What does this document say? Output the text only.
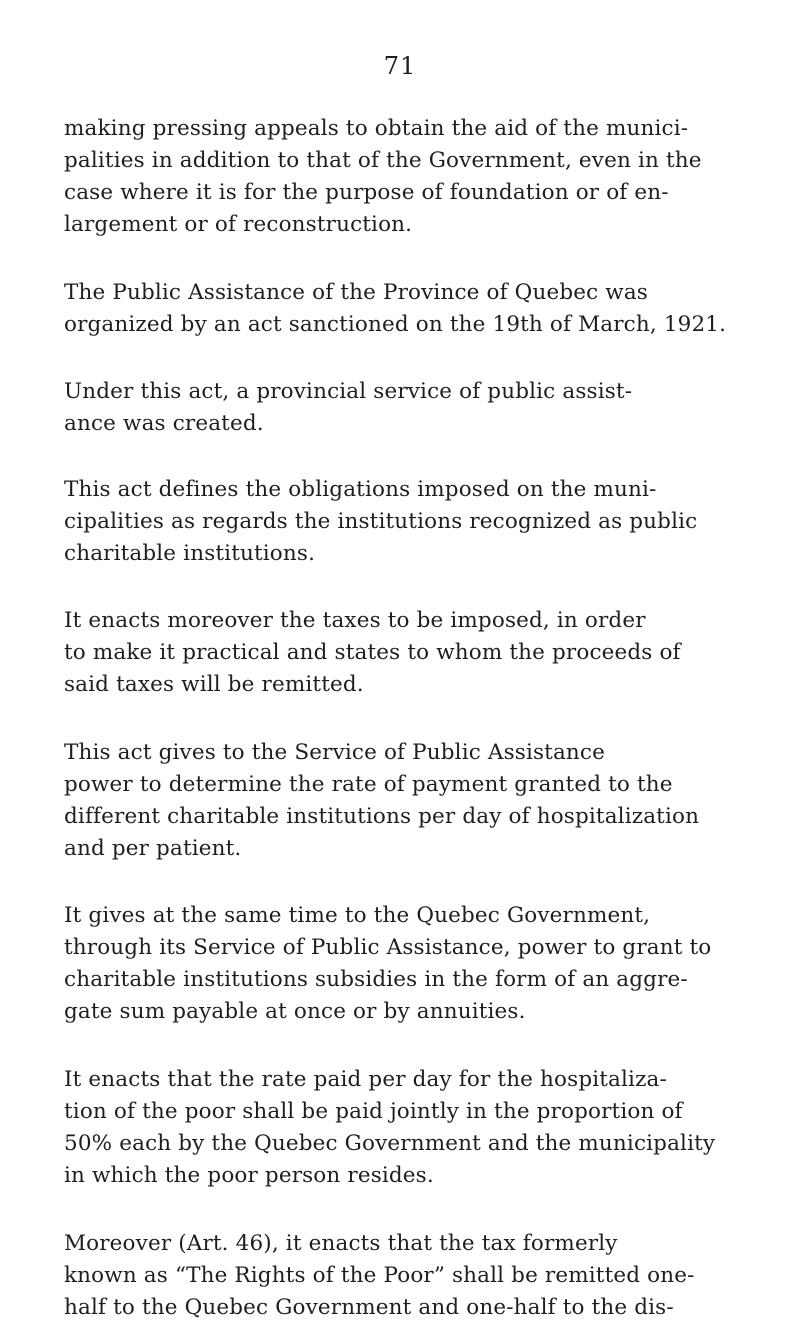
71

making pressing appeals to obtain the aid of the munici-
palities in addition to that of the Government, even in the
case where it is for the purpose of foundation or of en-
largement or of reconstruction.

The Public Assistance of the Province of Quebec was
organized by an act sanctioned on the 19th of March, 1921.

Under this act, a provincial service of public assist-
ance was created.

This act defines the obligations imposed on the muni-
cipalities as regards the institutions recognized as public
charitable institutions.

It enacts moreover the taxes to be imposed, in order
to make it practical and states to whom the proceeds of
said taxes will be remitted.

This act gives to the Service of Public Assistance
power to determine the rate of payment granted to the
different charitable institutions per day of hospitalization
and per patient.

It gives at the same time to the Quebec Government,
through its Service of Public Assistance, power to grant to
charitable institutions subsidies in the form of an aggre-
gate sum payable at once or by annuities.

It enacts that the rate paid per day for the hospitaliza-
tion of the poor shall be paid jointly in the proportion of
50% each by the Quebec Government and the municipality
in which the poor person resides.

Moreover (Art. 46), it enacts that the tax formerly
known as “The Rights of the Poor” shall be remitted one-
half to the Quebec Government and one-half to the dis-
